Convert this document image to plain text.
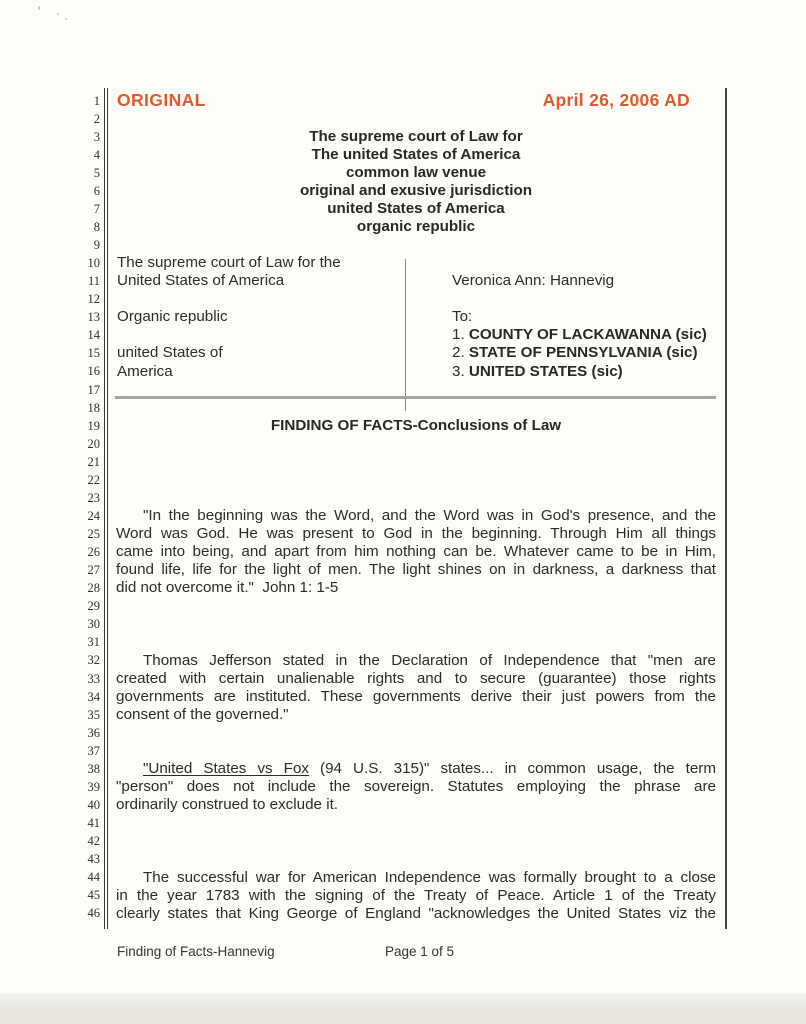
1
2
3
4
5
6
7
8
9
10
11
12
13
14
15
16
17
18
19
20
21
22
23
24
25
26
27
28
29
30
31
32
33
34
35
36
37
38
39
40
41
42
43
44
45
46
ORIGINAL	April 26, 2006 AD
The supreme court of Law for
The united States of America
common law venue
original and exusive jurisdiction
united States of America
organic republic
The supreme court of Law for the
United States of America
Organic republic
united States of
America
Veronica Ann: Hannevig
To:
1. COUNTY OF LACKAWANNA (sic)
2. STATE OF PENNSYLVANIA (sic)
3. UNITED STATES (sic)
FINDING OF FACTS-Conclusions of Law
"In the beginning was the Word, and the Word was in God's presence, and the
Word was God. He was present to God in the beginning. Through Him all things
came into being, and apart from him nothing can be. Whatever came to be in Him,
found life, life for the light of men. The light shines on in darkness, a darkness that
did not overcome it."  John 1: 1-5
Thomas Jefferson stated in the Declaration of Independence that "men are
created with certain unalienable rights and to secure (guarantee) those rights
governments are instituted. These governments derive their just powers from the
consent of the governed."
"United States vs Fox (94 U.S. 315)" states... in common usage, the term
"person" does not include the sovereign. Statutes employing the phrase are
ordinarily construed to exclude it.
The successful war for American Independence was formally brought to a close
in the year 1783 with the signing of the Treaty of Peace. Article 1 of the Treaty
clearly states that King George of England "acknowledges the United States viz the
Finding of Facts-Hannevig	Page 1 of 5
